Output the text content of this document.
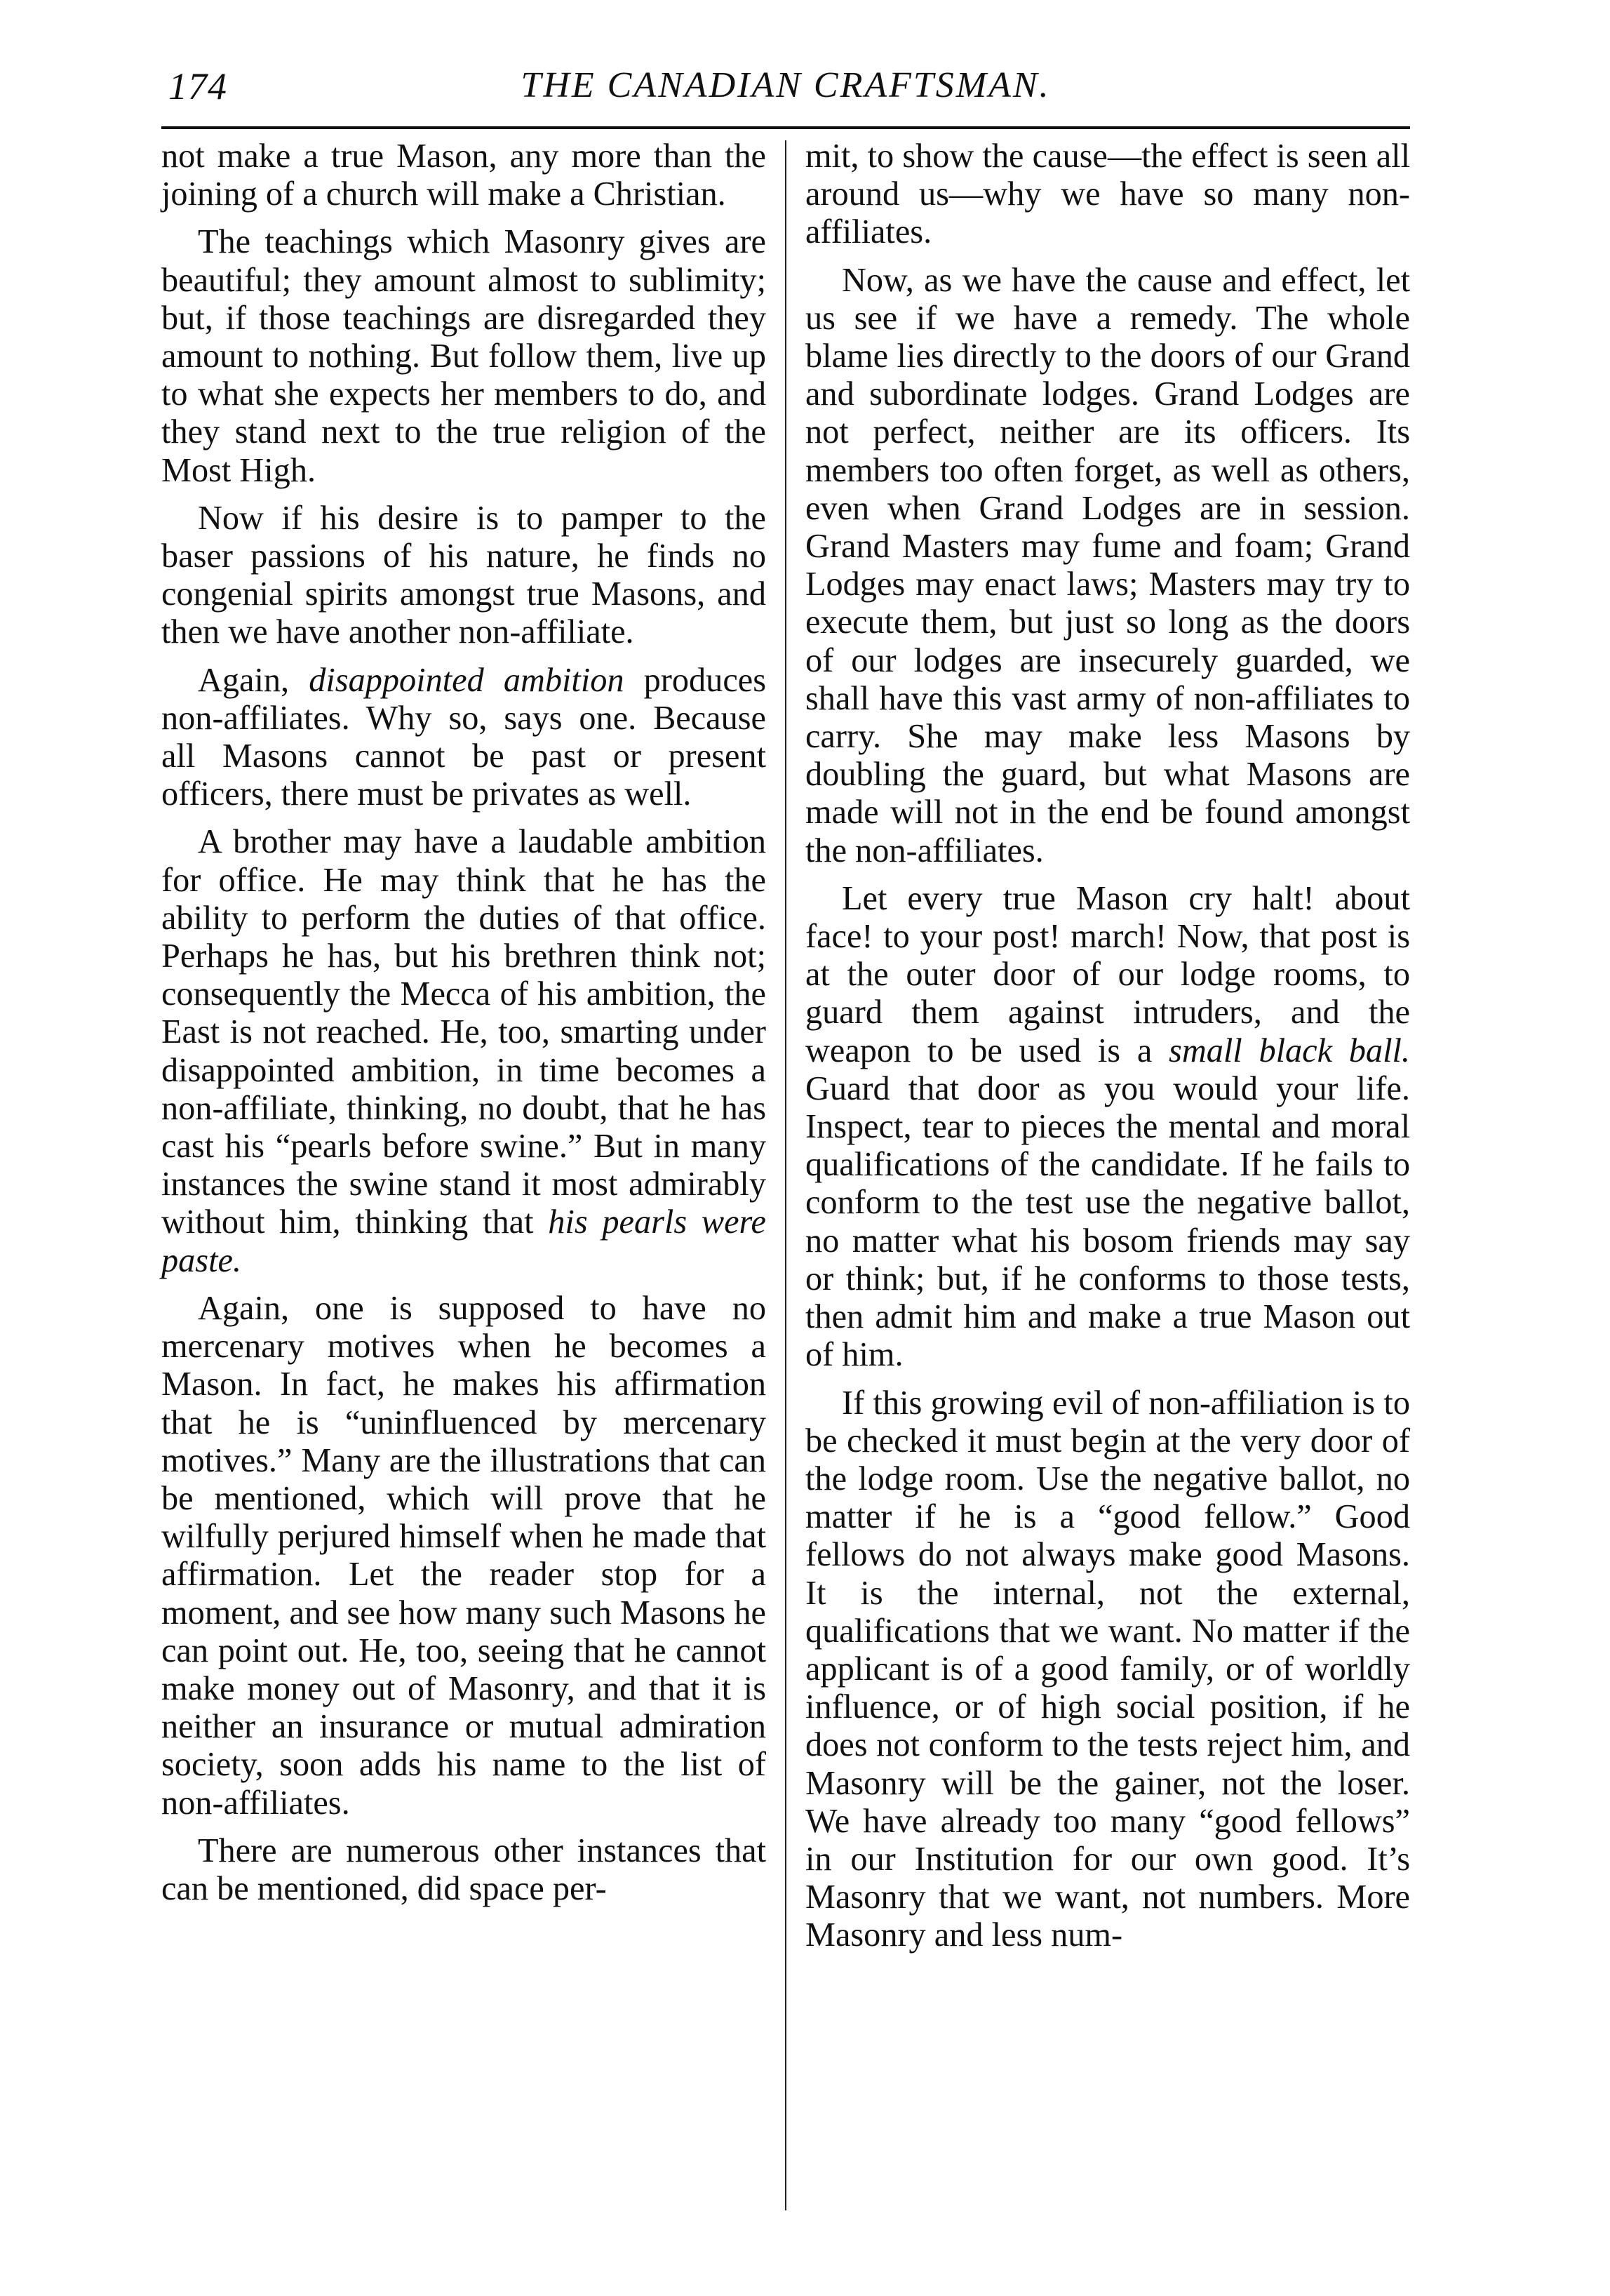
174	THE CANADIAN CRAFTSMAN.

not make a true Mason, any more than the joining of a church will make a Christian.

The teachings which Masonry gives are beautiful; they amount almost to sublimity; but, if those teachings are disregarded they amount to nothing. But follow them, live up to what she expects her members to do, and they stand next to the true religion of the Most High.

Now if his desire is to pamper to the baser passions of his nature, he finds no congenial spirits amongst true Masons, and then we have another non-affiliate.

Again, disappointed ambition produces non-affiliates. Why so, says one. Because all Masons cannot be past or present officers, there must be privates as well.

A brother may have a laudable ambition for office. He may think that he has the ability to perform the duties of that office. Perhaps he has, but his brethren think not; consequently the Mecca of his ambition, the East is not reached. He, too, smarting under disappointed ambition, in time becomes a non-affiliate, thinking, no doubt, that he has cast his “pearls before swine.” But in many instances the swine stand it most admirably without him, thinking that his pearls were paste.

Again, one is supposed to have no mercenary motives when he becomes a Mason. In fact, he makes his affirmation that he is “uninfluenced by mercenary motives.” Many are the illustrations that can be mentioned, which will prove that he wilfully perjured himself when he made that affirmation. Let the reader stop for a moment, and see how many such Masons he can point out. He, too, seeing that he cannot make money out of Masonry, and that it is neither an insurance or mutual admiration society, soon adds his name to the list of non-affiliates.

There are numerous other instances that can be mentioned, did space per-

mit, to show the cause—the effect is seen all around us—why we have so many non-affiliates.

Now, as we have the cause and effect, let us see if we have a remedy. The whole blame lies directly to the doors of our Grand and subordinate lodges. Grand Lodges are not perfect, neither are its officers. Its members too often forget, as well as others, even when Grand Lodges are in session. Grand Masters may fume and foam; Grand Lodges may enact laws; Masters may try to execute them, but just so long as the doors of our lodges are insecurely guarded, we shall have this vast army of non-affiliates to carry. She may make less Masons by doubling the guard, but what Masons are made will not in the end be found amongst the non-affiliates.

Let every true Mason cry halt! about face! to your post! march! Now, that post is at the outer door of our lodge rooms, to guard them against intruders, and the weapon to be used is a small black ball. Guard that door as you would your life. Inspect, tear to pieces the mental and moral qualifications of the candidate. If he fails to conform to the test use the negative ballot, no matter what his bosom friends may say or think; but, if he conforms to those tests, then admit him and make a true Mason out of him.

If this growing evil of non-affiliation is to be checked it must begin at the very door of the lodge room. Use the negative ballot, no matter if he is a “good fellow.” Good fellows do not always make good Masons. It is the internal, not the external, qualifications that we want. No matter if the applicant is of a good family, or of worldly influence, or of high social position, if he does not conform to the tests reject him, and Masonry will be the gainer, not the loser. We have already too many “good fellows” in our Institution for our own good. It’s Masonry that we want, not numbers. More Masonry and less num-
